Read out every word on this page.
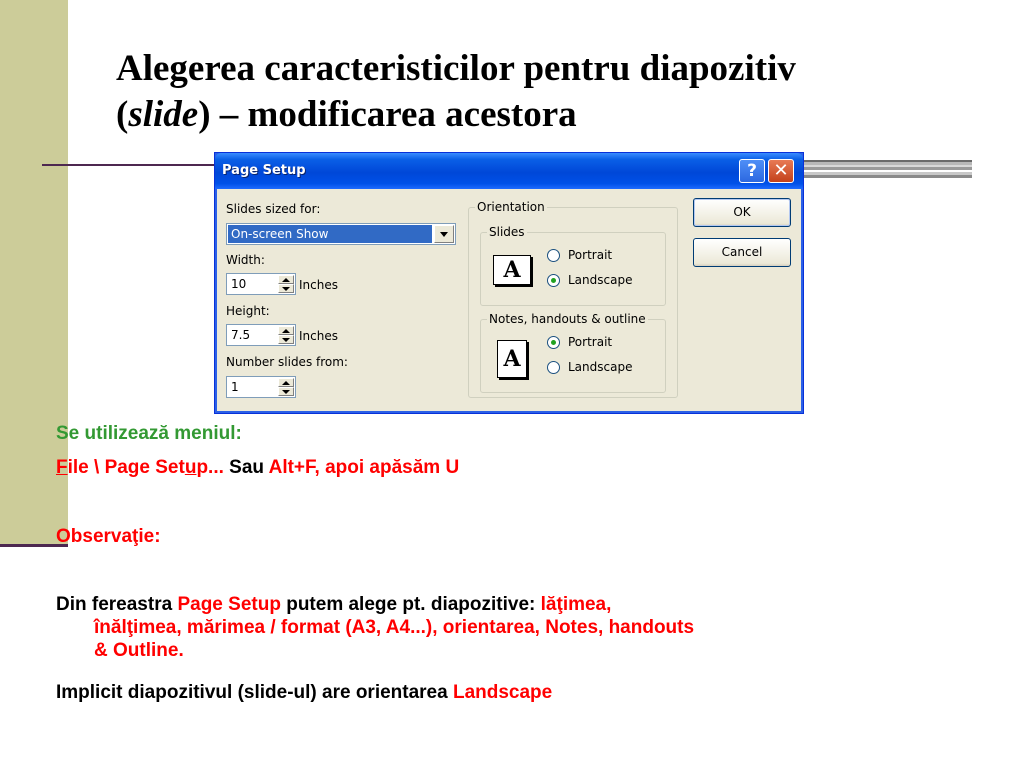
Alegerea caracteristicilor pentru diapozitiv
(slide) – modificarea acestora
Page Setup	? ✕
Slides sized for:
On-screen Show
Width:
10	Inches
Height:
7.5	Inches
Number slides from:
1
Orientation
Slides
A
Portrait
Landscape
Notes, handouts & outline
A
Portrait
Landscape
OK
Cancel
Se utilizează meniul:
File \ Page Setup... Sau Alt+F, apoi apăsăm U
Observaţie:
Din fereastra Page Setup putem alege pt. diapozitive: lăţimea,
înălţimea, mărimea / format (A3, A4...), orientarea, Notes, handouts
& Outline.
Implicit diapozitivul (slide-ul) are orientarea Landscape
